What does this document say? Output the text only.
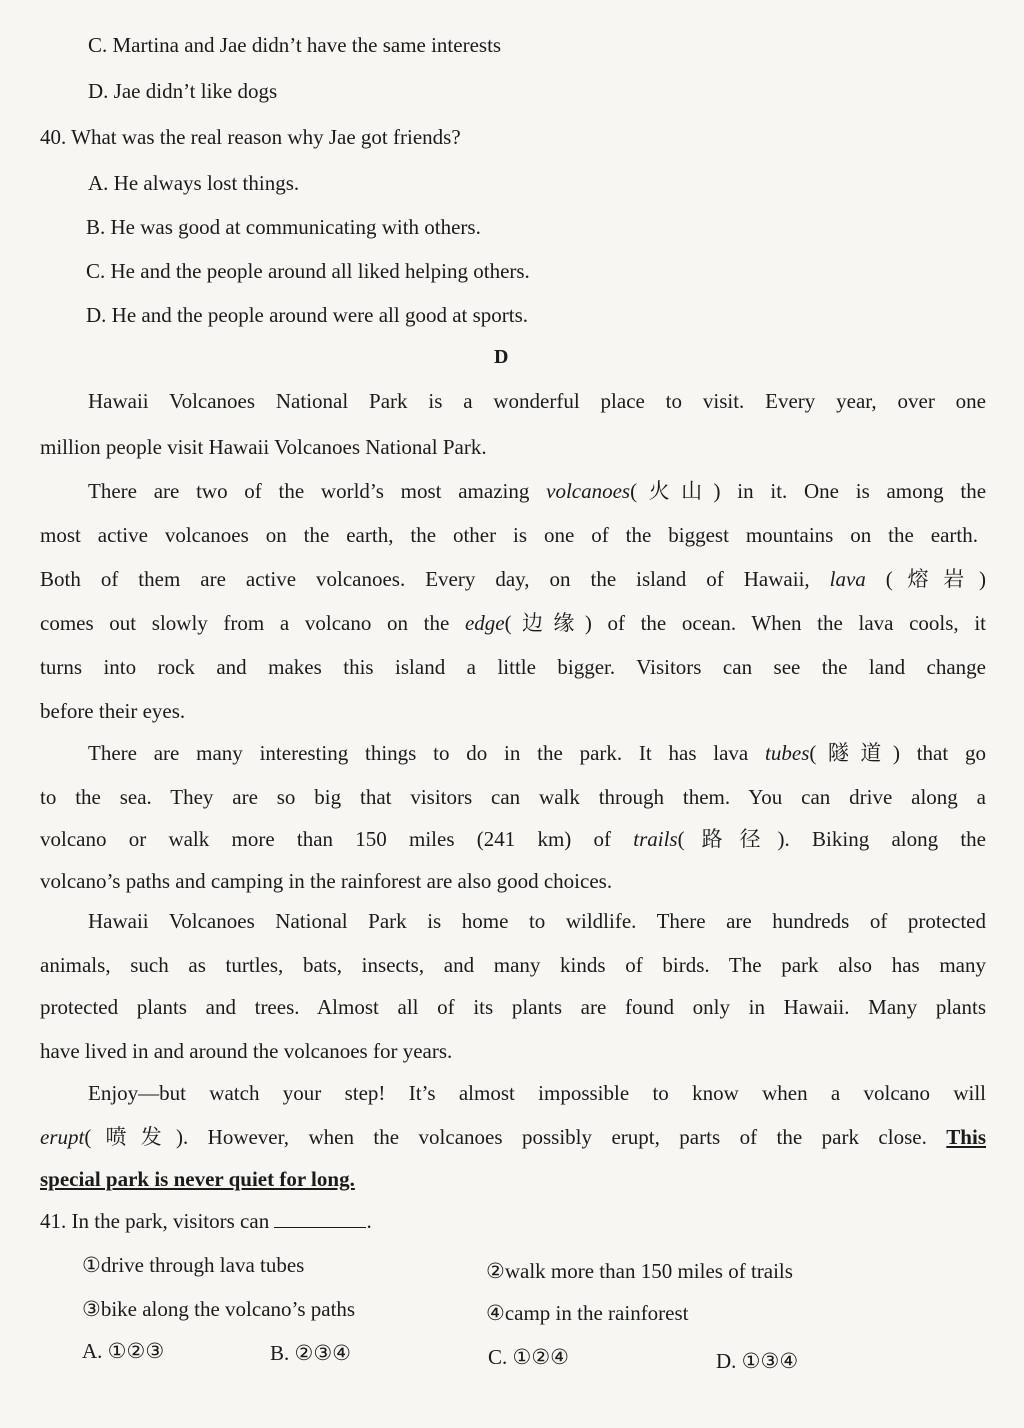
C. Martina and Jae didn’t have the same interests
D. Jae didn’t like dogs
40. What was the real reason why Jae got friends?
A. He always lost things.
B. He was good at communicating with others.
C. He and the people around all liked helping others.
D. He and the people around were all good at sports.
D
Hawaii Volcanoes National Park is a wonderful place to visit. Every year, over one
million people visit Hawaii Volcanoes National Park.
There are two of the world’s most amazing volcanoes(火山) in it. One is among the
most active volcanoes on the earth, the other is one of the biggest mountains on the earth.
Both of them are active volcanoes. Every day, on the island of Hawaii, lava (熔岩)
comes out slowly from a volcano on the edge(边缘) of the ocean. When the lava cools, it
turns into rock and makes this island a little bigger. Visitors can see the land change
before their eyes.
There are many interesting things to do in the park. It has lava tubes(隧道) that go
to the sea. They are so big that visitors can walk through them. You can drive along a
volcano or walk more than 150 miles (241 km) of trails(路径). Biking along the
volcano’s paths and camping in the rainforest are also good choices.
Hawaii Volcanoes National Park is home to wildlife. There are hundreds of protected
animals, such as turtles, bats, insects, and many kinds of birds. The park also has many
protected plants and trees. Almost all of its plants are found only in Hawaii. Many plants
have lived in and around the volcanoes for years.
Enjoy—but watch your step! It’s almost impossible to know when a volcano will
erupt(喷发). However, when the volcanoes possibly erupt, parts of the park close. This
special park is never quiet for long.
41. In the park, visitors can	.
①drive through lava tubes	②walk more than 150 miles of trails
③bike along the volcano’s paths	④camp in the rainforest
A. ①②③	B. ②③④	C. ①②④	D. ①③④
